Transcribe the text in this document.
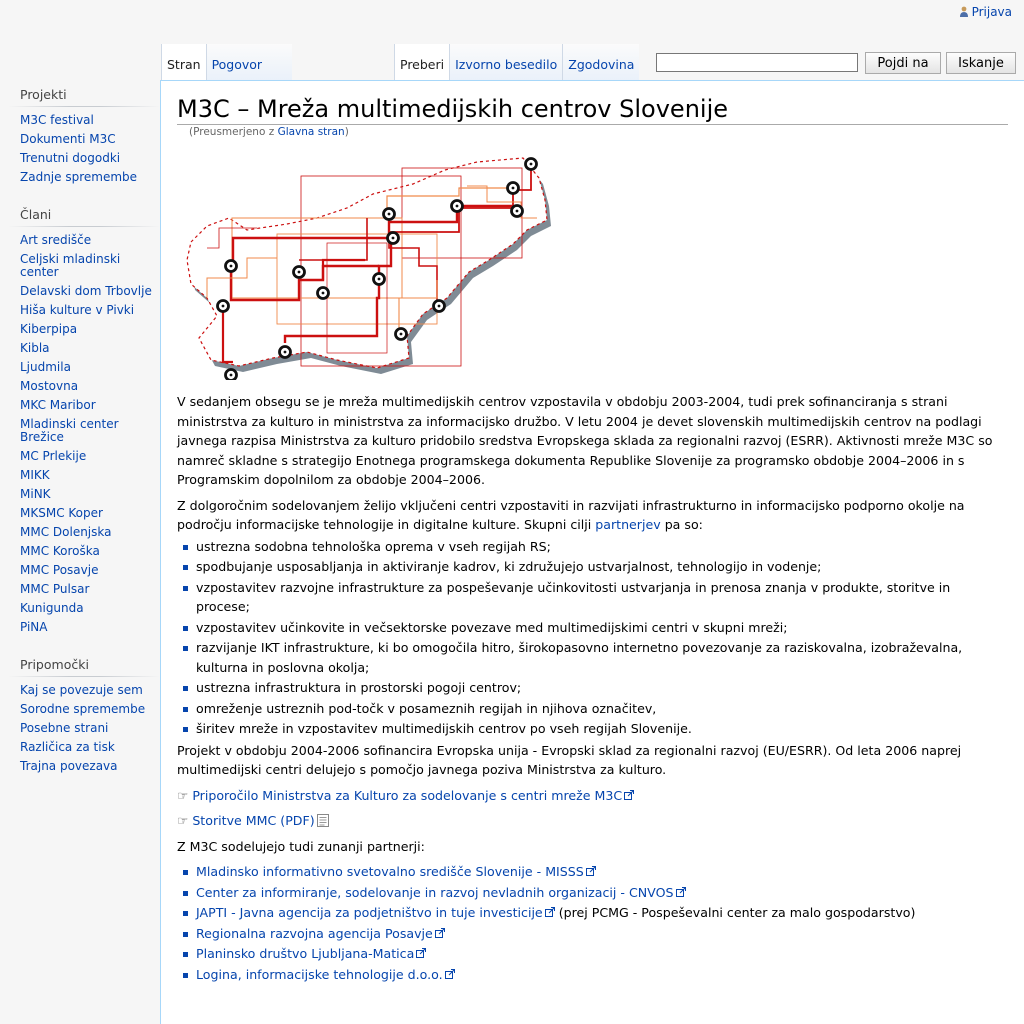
Prijava
Stran Pogovor	Preberi Izvorno besedilo Zgodovina	Pojdi na	Iskanje
Projekti
M3C festival
Dokumenti M3C
Trenutni dogodki
Zadnje spremembe
Člani
Art središče
Celjski mladinski center
Delavski dom Trbovlje
Hiša kulture v Pivki
Kiberpipa
Kibla
Ljudmila
Mostovna
MKC Maribor
Mladinski center Brežice
MC Prlekije
MIKK
MiNK
MKSMC Koper
MMC Dolenjska
MMC Koroška
MMC Posavje
MMC Pulsar
Kunigunda
PiNA
Pripomočki
Kaj se povezuje sem
Sorodne spremembe
Posebne strani
Različica za tisk
Trajna povezava
M3C – Mreža multimedijskih centrov Slovenije
(Preusmerjeno z Glavna stran)

V sedanjem obsegu se je mreža multimedijskih centrov vzpostavila v obdobju 2003-2004, tudi prek sofinanciranja s strani ministrstva za kulturo in ministrstva za informacijsko družbo. V letu 2004 je devet slovenskih multimedijskih centrov na podlagi javnega razpisa Ministrstva za kulturo pridobilo sredstva Evropskega sklada za regionalni razvoj (ESRR). Aktivnosti mreže M3C so namreč skladne s strategijo Enotnega programskega dokumenta Republike Slovenije za programsko obdobje 2004–2006 in s Programskim dopolnilom za obdobje 2004–2006.

Z dolgoročnim sodelovanjem želijo vključeni centri vzpostaviti in razvijati infrastrukturno in informacijsko podporno okolje na področju informacijske tehnologije in digitalne kulture. Skupni cilji partnerjev pa so:

ustrezna sodobna tehnološka oprema v vseh regijah RS;
spodbujanje usposabljanja in aktiviranje kadrov, ki združujejo ustvarjalnost, tehnologijo in vodenje;
vzpostavitev razvojne infrastrukture za pospeševanje učinkovitosti ustvarjanja in prenosa znanja v produkte, storitve in procese;
vzpostavitev učinkovite in večsektorske povezave med multimedijskimi centri v skupni mreži;
razvijanje IKT infrastrukture, ki bo omogočila hitro, širokopasovno internetno povezovanje za raziskovalna, izobraževalna, kulturna in poslovna okolja;
ustrezna infrastruktura in prostorski pogoji centrov;
omreženje ustreznih pod-točk v posameznih regijah in njihova označitev,
širitev mreže in vzpostavitev multimedijskih centrov po vseh regijah Slovenije.

Projekt v obdobju 2004-2006 sofinancira Evropska unija - Evropski sklad za regionalni razvoj (EU/ESRR). Od leta 2006 naprej multimedijski centri delujejo s pomočjo javnega poziva Ministrstva za kulturo.

☞ Priporočilo Ministrstva za Kulturo za sodelovanje s centri mreže M3C

☞ Storitve MMC (PDF)

Z M3C sodelujejo tudi zunanji partnerji:

Mladinsko informativno svetovalno središče Slovenije - MISSS
Center za informiranje, sodelovanje in razvoj nevladnih organizacij - CNVOS
JAPTI - Javna agencija za podjetništvo in tuje investicije (prej PCMG - Pospeševalni center za malo gospodarstvo)
Regionalna razvojna agencija Posavje
Planinsko društvo Ljubljana-Matica
Logina, informacijske tehnologije d.o.o.
